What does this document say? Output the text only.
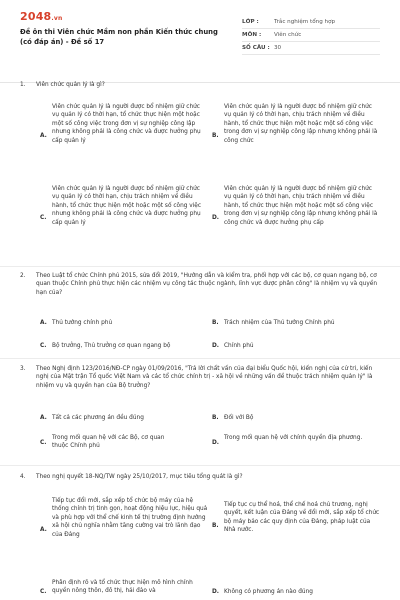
2048.vn
Đề ôn thi Viên chức Mầm non phần Kiến thức chung (có đáp án) - Đề số 17
LỚP :	Trắc nghiệm tổng hợp
MÔN :	Viên chức
SỐ CÂU : 30
1.	Viên chức quản lý là gì?
A.
Viên chức quản lý là người được bổ nhiệm giữ chức vụ quản lý có thời hạn, tổ chức thực hiện một hoặc một số công việc trong đơn vị sự nghiệp công lập nhưng không phải là công chức và được hưởng phụ cấp quản lý
B.
Viên chức quản lý là người được bổ nhiệm giữ chức vụ quản lý có thời hạn, chịu trách nhiệm về điều hành, tổ chức thực hiện một hoặc một số công việc trong đơn vị sự nghiệp công lập nhưng không phải là công chức
C.
Viên chức quản lý là người được bổ nhiệm giữ chức vụ quản lý có thời hạn, chịu trách nhiệm về điều hành, tổ chức thực hiện một hoặc một số công việc nhưng không phải là công chức và được hưởng phụ cấp quản lý
D.
Viên chức quản lý là người được bổ nhiệm giữ chức vụ quản lý có thời hạn, chịu trách nhiệm về điều hành, tổ chức thực hiện một hoặc một số công việc trong đơn vị sự nghiệp công lập nhưng không phải là công chức và được hưởng phụ cấp
2.	Theo Luật tổ chức Chính phủ 2015, sửa đổi 2019, "Hướng dẫn và kiểm tra, phối hợp với các bộ, cơ quan ngang bộ, cơ quan thuộc Chính phủ thực hiện các nhiệm vụ công tác thuộc ngành, lĩnh vực được phân công" là nhiệm vụ và quyền hạn của?
A. Thủ tướng chính phủ	B. Trách nhiệm của Thủ tướng Chính phủ
C. Bộ trưởng, Thủ trưởng cơ quan ngang bộ	D. Chính phủ
3.	Theo Nghị định 123/2016/NĐ-CP ngày 01/09/2016, "Trả lời chất vấn của đại biểu Quốc hội, kiến nghị của cử tri, kiến nghị của Mặt trận Tổ quốc Việt Nam và các tổ chức chính trị - xã hội về những vấn đề thuộc trách nhiệm quản lý" là nhiệm vụ và quyền hạn của Bộ trưởng?
A. Tất cả các phương án đều đúng	B. Đối với Bộ
C.
Trong mối quan hệ với các Bộ, cơ quan thuộc Chính phủ
D.
Trong mối quan hệ với chính quyền địa phương.
4.	Theo nghị quyết 18-NQ/TW ngày 25/10/2017, mục tiêu tổng quát là gì?
A.
Tiếp tục đổi mới, sắp xếp tổ chức bộ máy của hệ thống chính trị tinh gọn, hoạt động hiệu lực, hiệu quả và phù hợp với thể chế kinh tế thị trường định hướng xã hội chủ nghĩa nhằm tăng cường vai trò lãnh đạo của Đảng
B.
Tiếp tục cụ thể hoá, thể chế hoá chủ trương, nghị quyết, kết luận của Đảng về đổi mới, sắp xếp tổ chức bộ máy bảo các quy định của Đảng, pháp luật của Nhà nước.
C.
Phân định rõ và tổ chức thực hiện mô hình chính quyền nông thôn, đô thị, hải đảo và	D. Không có phương án nào đúng
